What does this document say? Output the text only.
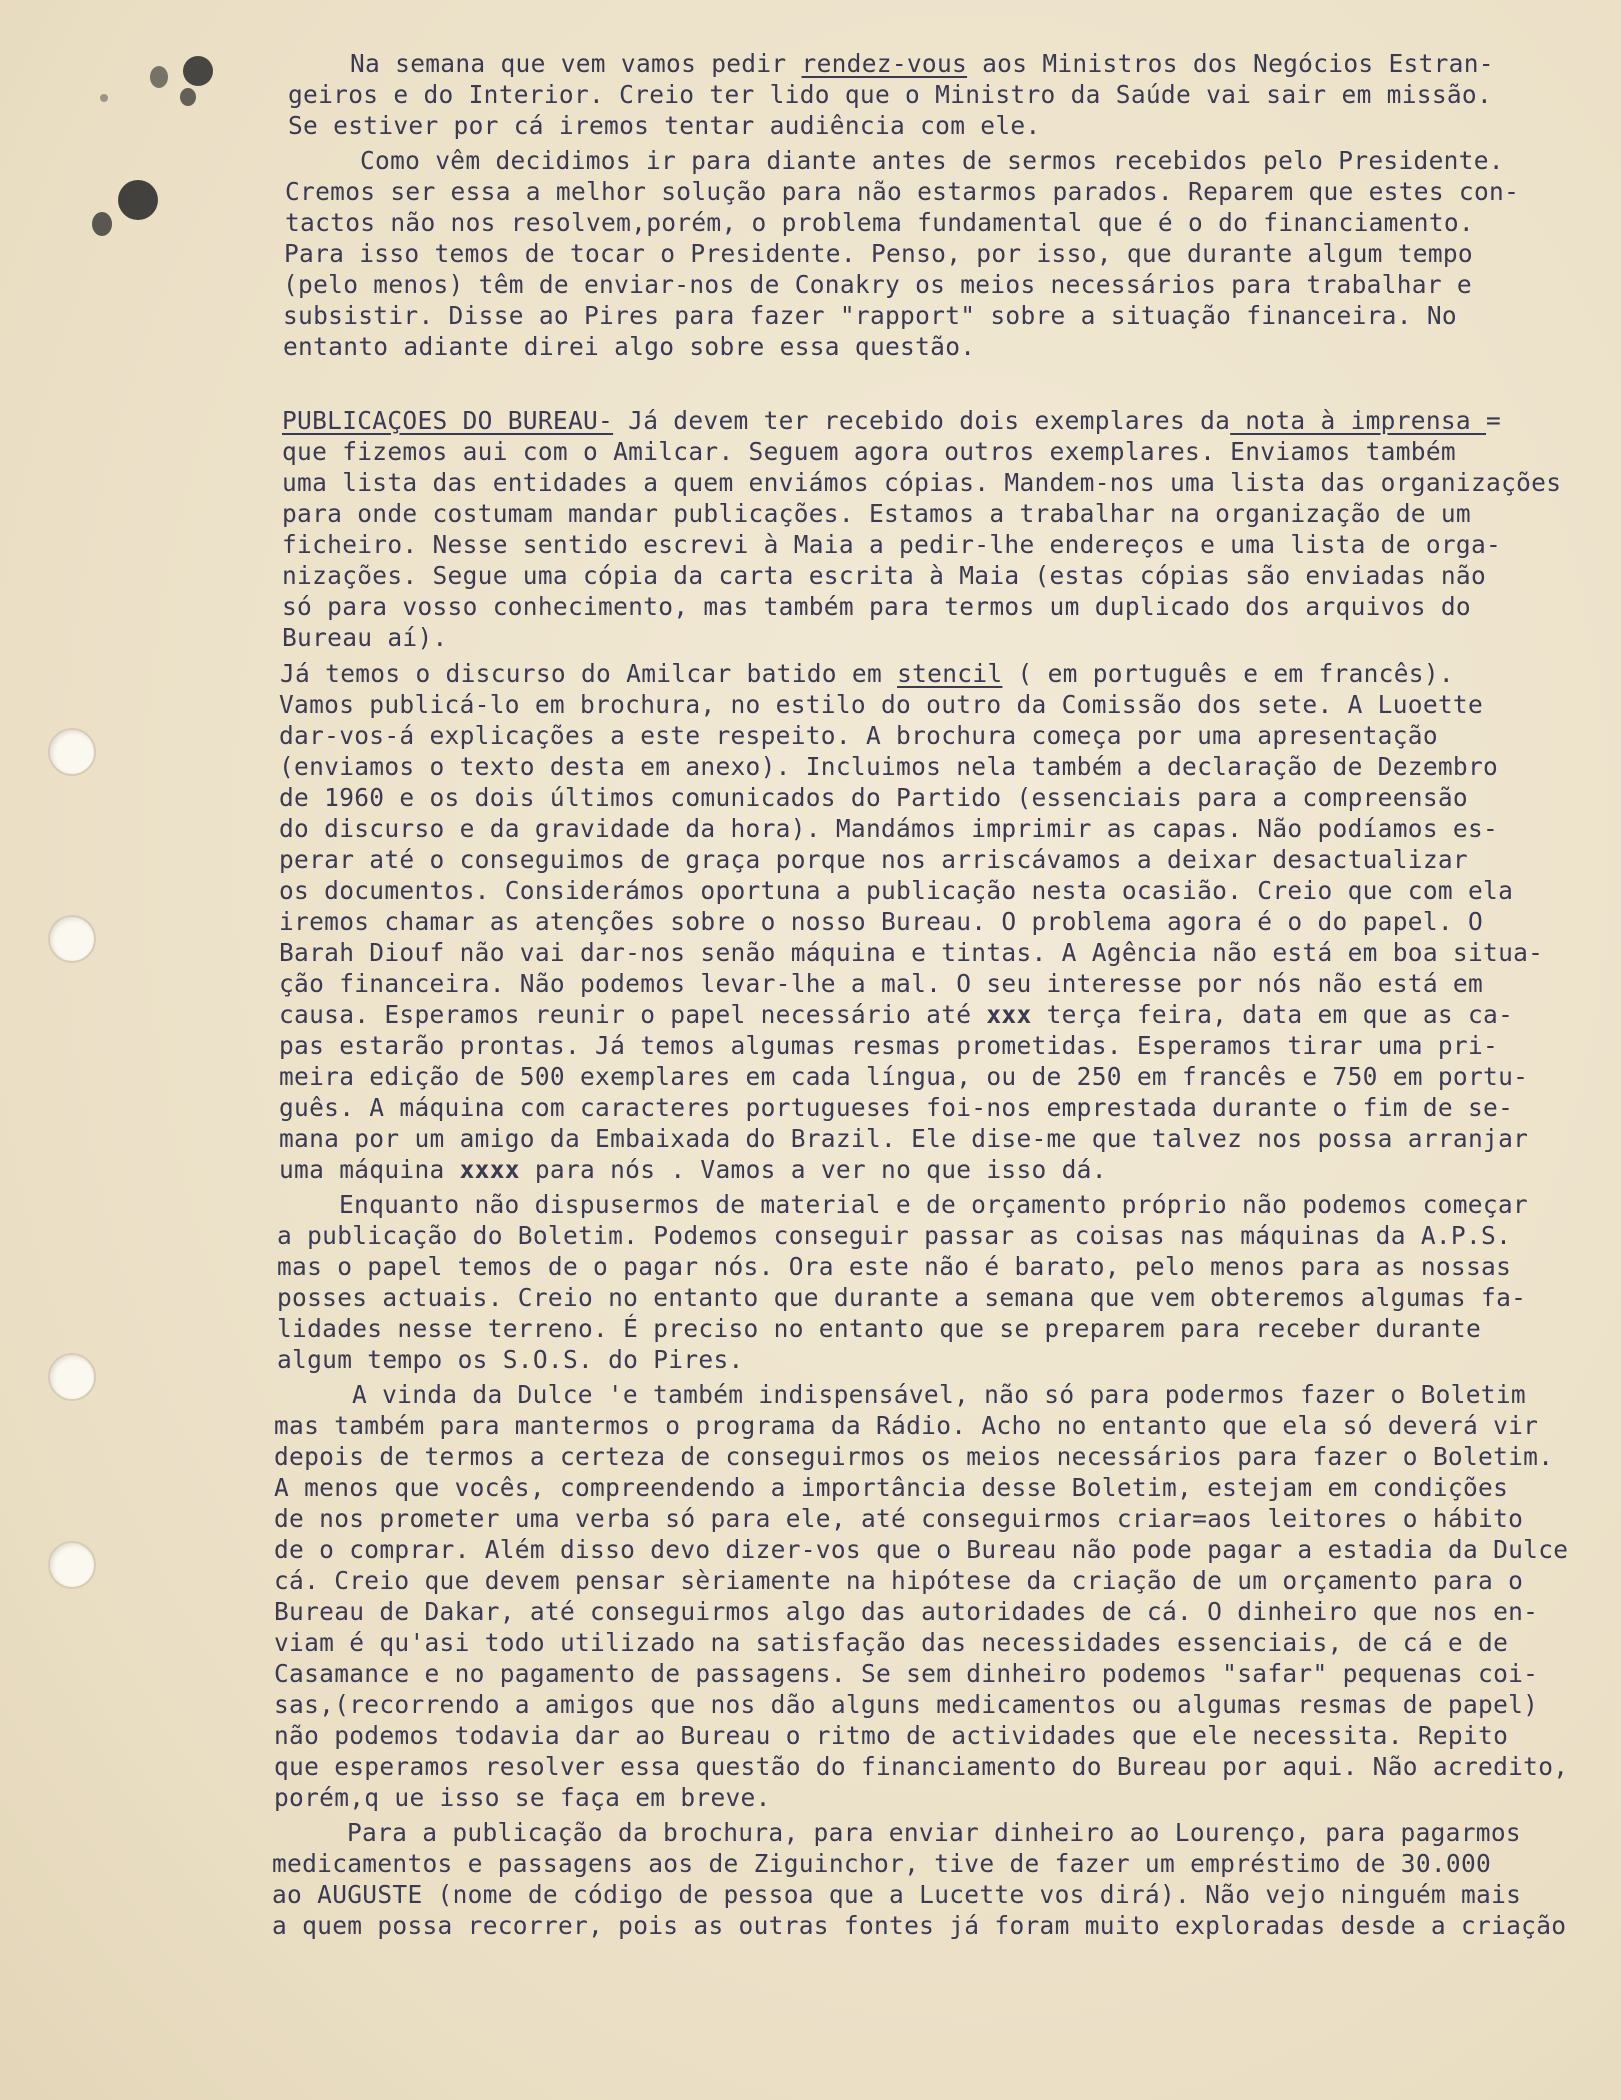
Na semana que vem vamos pedir rendez-vous aos Ministros dos Negócios Estran-
geiros e do Interior. Creio ter lido que o Ministro da Saúde vai sair em missão.
Se estiver por cá iremos tentar audiência com ele.
Como vêm decidimos ir para diante antes de sermos recebidos pelo Presidente.
Cremos ser essa a melhor solução para não estarmos parados. Reparem que estes con-
tactos não nos resolvem,porém, o problema fundamental que é o do financiamento.
Para isso temos de tocar o Presidente. Penso, por isso, que durante algum tempo
(pelo menos) têm de enviar-nos de Conakry os meios necessários para trabalhar e
subsistir. Disse ao Pires para fazer "rapport" sobre a situação financeira. No
entanto adiante direi algo sobre essa questão.
PUBLICAÇOES DO BUREAU- Já devem ter recebido dois exemplares da nota à imprensa =
que fizemos aui com o Amilcar. Seguem agora outros exemplares. Enviamos também
uma lista das entidades a quem enviámos cópias. Mandem-nos uma lista das organizações
para onde costumam mandar publicações. Estamos a trabalhar na organização de um
ficheiro. Nesse sentido escrevi à Maia a pedir-lhe endereços e uma lista de orga-
nizações. Segue uma cópia da carta escrita à Maia (estas cópias são enviadas não
só para vosso conhecimento, mas também para termos um duplicado dos arquivos do
Bureau aí).
Já temos o discurso do Amilcar batido em stencil ( em português e em francês).
Vamos publicá-lo em brochura, no estilo do outro da Comissão dos sete. A Luoette
dar-vos-á explicações a este respeito. A brochura começa por uma apresentação
(enviamos o texto desta em anexo). Incluimos nela também a declaração de Dezembro
de 1960 e os dois últimos comunicados do Partido (essenciais para a compreensão
do discurso e da gravidade da hora). Mandámos imprimir as capas. Não podíamos es-
perar até o conseguimos de graça porque nos arriscávamos a deixar desactualizar
os documentos. Considerámos oportuna a publicação nesta ocasião. Creio que com ela
iremos chamar as atenções sobre o nosso Bureau. O problema agora é o do papel. O
Barah Diouf não vai dar-nos senão máquina e tintas. A Agência não está em boa situa-
ção financeira. Não podemos levar-lhe a mal. O seu interesse por nós não está em
causa. Esperamos reunir o papel necessário até xxx terça feira, data em que as ca-
pas estarão prontas. Já temos algumas resmas prometidas. Esperamos tirar uma pri-
meira edição de 500 exemplares em cada língua, ou de 250 em francês e 750 em portu-
guês. A máquina com caracteres portugueses foi-nos emprestada durante o fim de se-
mana por um amigo da Embaixada do Brazil. Ele dise-me que talvez nos possa arranjar
uma máquina xxxx para nós . Vamos a ver no que isso dá.
Enquanto não dispusermos de material e de orçamento próprio não podemos começar
a publicação do Boletim. Podemos conseguir passar as coisas nas máquinas da A.P.S.
mas o papel temos de o pagar nós. Ora este não é barato, pelo menos para as nossas
posses actuais. Creio no entanto que durante a semana que vem obteremos algumas fa-
lidades nesse terreno. É preciso no entanto que se preparem para receber durante
algum tempo os S.O.S. do Pires.
A vinda da Dulce 'e também indispensável, não só para podermos fazer o Boletim
mas também para mantermos o programa da Rádio. Acho no entanto que ela só deverá vir
depois de termos a certeza de conseguirmos os meios necessários para fazer o Boletim.
A menos que vocês, compreendendo a importância desse Boletim, estejam em condições
de nos prometer uma verba só para ele, até conseguirmos criar=aos leitores o hábito
de o comprar. Além disso devo dizer-vos que o Bureau não pode pagar a estadia da Dulce
cá. Creio que devem pensar sèriamente na hipótese da criação de um orçamento para o
Bureau de Dakar, até conseguirmos algo das autoridades de cá. O dinheiro que nos en-
viam é qu'asi todo utilizado na satisfação das necessidades essenciais, de cá e de
Casamance e no pagamento de passagens. Se sem dinheiro podemos "safar" pequenas coi-
sas,(recorrendo a amigos que nos dão alguns medicamentos ou algumas resmas de papel)
não podemos todavia dar ao Bureau o ritmo de actividades que ele necessita. Repito
que esperamos resolver essa questão do financiamento do Bureau por aqui. Não acredito,
porém,q ue isso se faça em breve.
Para a publicação da brochura, para enviar dinheiro ao Lourenço, para pagarmos
medicamentos e passagens aos de Ziguinchor, tive de fazer um empréstimo de 30.000
ao AUGUSTE (nome de código de pessoa que a Lucette vos dirá). Não vejo ninguém mais
a quem possa recorrer, pois as outras fontes já foram muito exploradas desde a criação
